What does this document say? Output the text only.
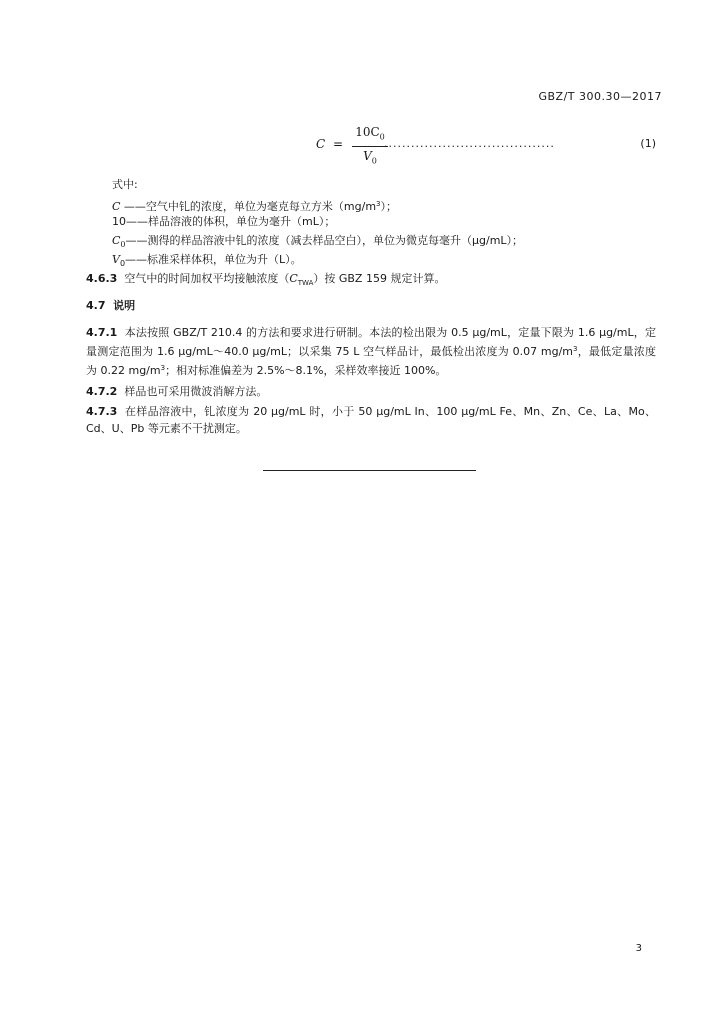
GBZ/T 300.30—2017
C =
$10C_0$
$V_0$
......................................	(1)
式中:
C ——空气中钆的浓度，单位为毫克每立方米$(mg/m^3)$；
10——样品溶液的体积，单位为毫升（mL）；
$C_0——$测得的样品溶液中钆的浓度（减去样品空白），单位为微克每毫升（μg/mL）；
$V_0——$标准采样体积，单位为升（L）。
4.6.3 空气中的时间加权平均接触浓度$(C_{TWA})$按 GBZ 159 规定计算。
4.7 说明
4.7.1 本法按照 GBZ/T 210.4 的方法和要求进行研制。本法的检出限为 0.5 μg/mL，定量下限为 1.6 μg/mL，定量测定范围为 1.6 μg/mL～40.0 μg/mL；以采集 75 L 空气样品计，最低检出浓度为 0.07 $mg/m^3$，最低定量浓度为 0.22 $mg/m^3$；相对标准偏差为 2.5%～8.1%，采样效率接近 100%。
4.7.2 样品也可采用微波消解方法。
4.7.3 在样品溶液中，钆浓度为 20 μg/mL 时，小于 50 μg/mL In、100 μg/mL Fe、Mn、Zn、Ce、La、Mo、Cd、U、Pb 等元素不干扰测定。
3
